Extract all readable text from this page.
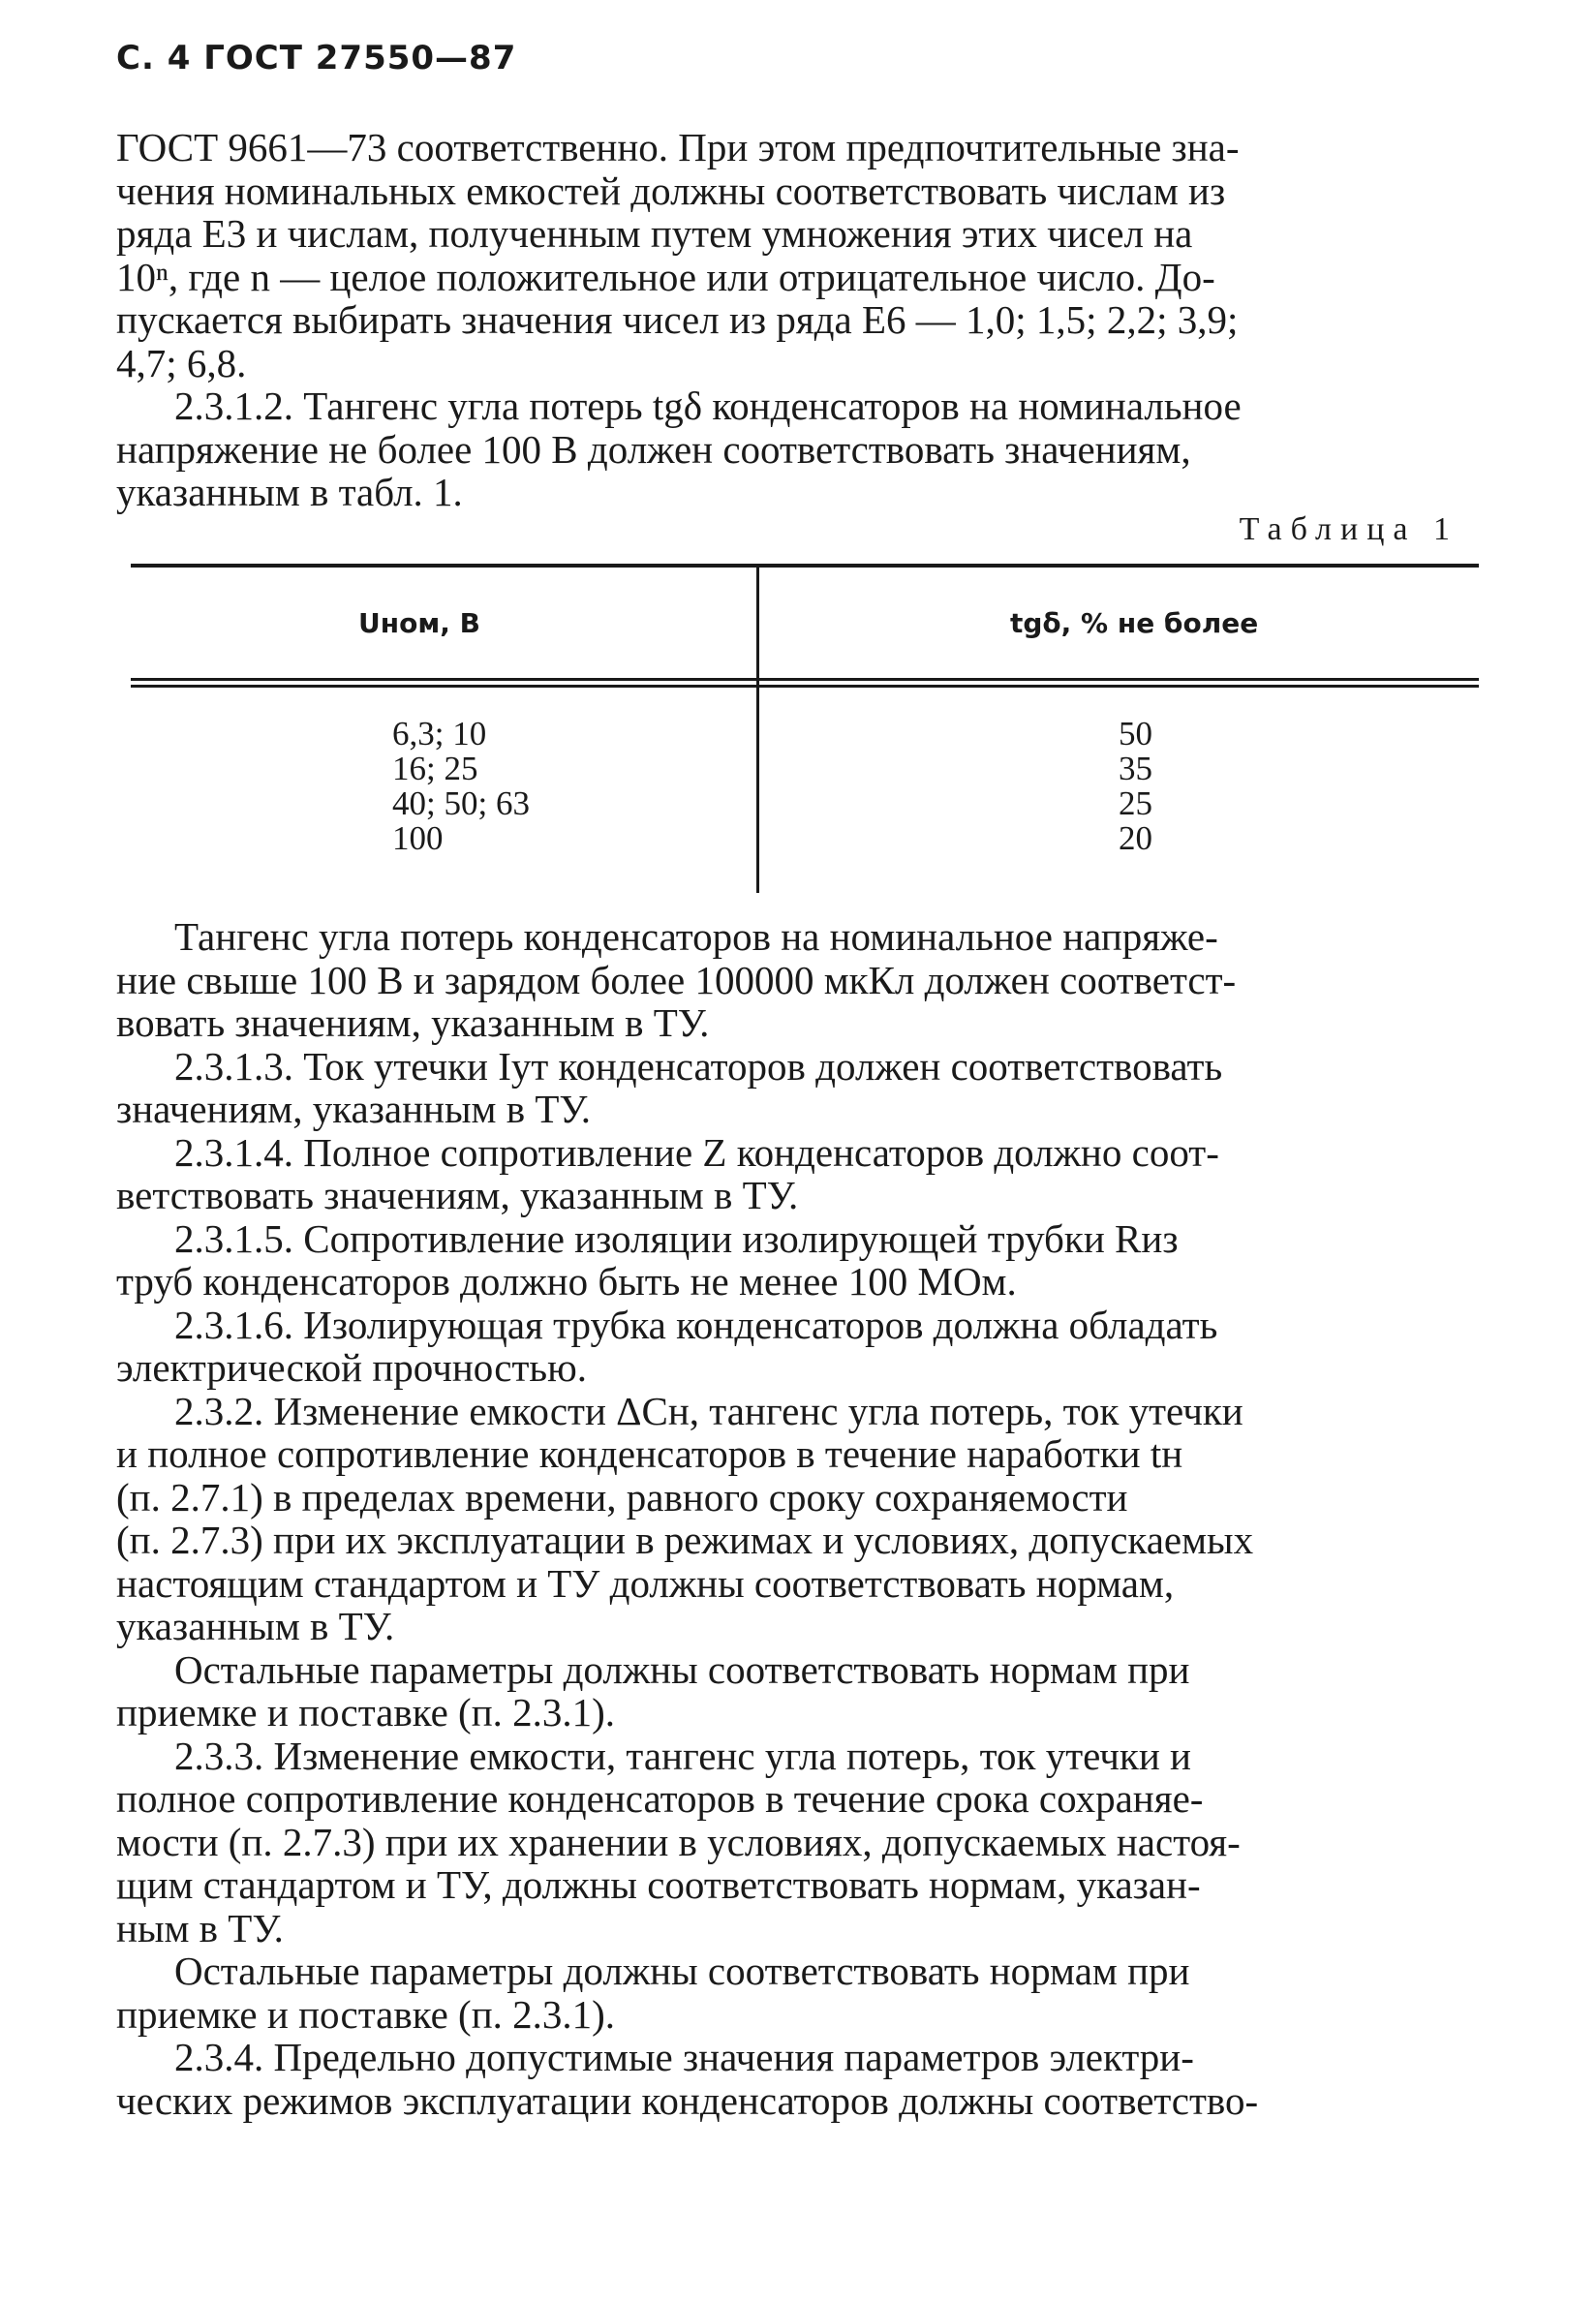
С. 4 ГОСТ 27550—87

ГОСТ 9661—73 соответственно. При этом предпочтительные зна-

чения номинальных емкостей должны соответствовать числам из

ряда Е3 и числам, полученным путем умножения этих чисел на

10ⁿ, где n — целое положительное или отрицательное число. До-

пускается выбирать значения чисел из ряда Е6 — 1,0; 1,5; 2,2; 3,9;

4,7; 6,8.

2.3.1.2. Тангенс угла потерь tgδ конденсаторов на номинальное

напряжение не более 100 В должен соответствовать значениям,

указанным в табл. 1.

Таблица 1
Uном, В	tgδ, % не более
6,3; 10
16; 25
40; 50; 63
100
50
35
25
20

Тангенс угла потерь конденсаторов на номинальное напряже-

ние свыше 100 В и зарядом более 100000 мкКл должен соответст-

вовать значениям, указанным в ТУ.

2.3.1.3. Ток утечки Iут конденсаторов должен соответствовать

значениям, указанным в ТУ.

2.3.1.4. Полное сопротивление Z конденсаторов должно соот-

ветствовать значениям, указанным в ТУ.

2.3.1.5. Сопротивление изоляции изолирующей трубки Rиз

труб конденсаторов должно быть не менее 100 МОм.

2.3.1.6. Изолирующая трубка конденсаторов должна обладать

электрической прочностью.

2.3.2. Изменение емкости ΔCн, тангенс угла потерь, ток утечки

и полное сопротивление конденсаторов в течение наработки tн

(п. 2.7.1) в пределах времени, равного сроку сохраняемости

(п. 2.7.3) при их эксплуатации в режимах и условиях, допускаемых

настоящим стандартом и ТУ должны соответствовать нормам,

указанным в ТУ.

Остальные параметры должны соответствовать нормам при

приемке и поставке (п. 2.3.1).

2.3.3. Изменение емкости, тангенс угла потерь, ток утечки и

полное сопротивление конденсаторов в течение срока сохраняе-

мости (п. 2.7.3) при их хранении в условиях, допускаемых настоя-

щим стандартом и ТУ, должны соответствовать нормам, указан-

ным в ТУ.

Остальные параметры должны соответствовать нормам при

приемке и поставке (п. 2.3.1).

2.3.4. Предельно допустимые значения параметров электри-

ческих режимов эксплуатации конденсаторов должны соответство-
